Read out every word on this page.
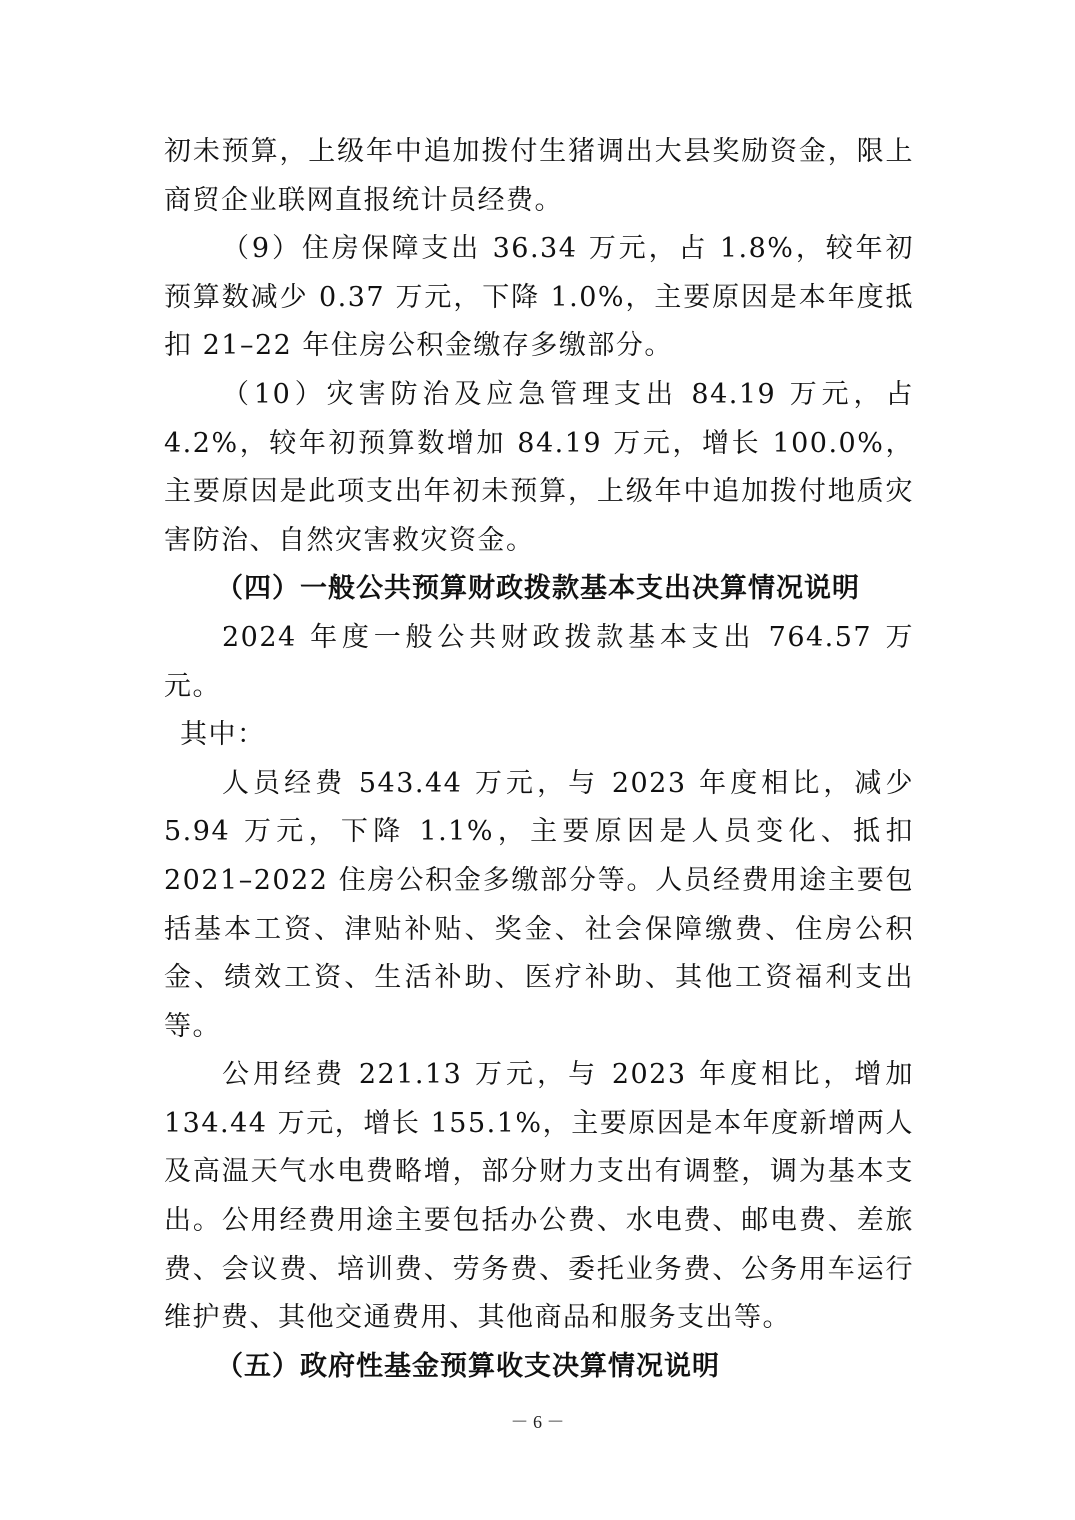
初未预算，上级年中追加拨付生猪调出大县奖励资金，限上商贸企业联网直报统计员经费。

（9）住房保障支出 36.34 万元，占 1.8%，较年初预算数减少 0.37 万元，下降 1.0%，主要原因是本年度抵扣 21–22 年住房公积金缴存多缴部分。

（10）灾害防治及应急管理支出 84.19 万元，占 4.2%，较年初预算数增加 84.19 万元，增长 100.0%，主要原因是此项支出年初未预算，上级年中追加拨付地质灾害防治、自然灾害救灾资金。

（四）一般公共预算财政拨款基本支出决算情况说明

2024 年度一般公共财政拨款基本支出 764.57 万元。

其中：

人员经费 543.44 万元，与 2023 年度相比，减少 5.94 万元，下降 1.1%，主要原因是人员变化、抵扣 2021–2022 住房公积金多缴部分等。人员经费用途主要包括基本工资、津贴补贴、奖金、社会保障缴费、住房公积金、绩效工资、生活补助、医疗补助、其他工资福利支出等。

公用经费 221.13 万元，与 2023 年度相比，增加 134.44 万元，增长 155.1%，主要原因是本年度新增两人及高温天气水电费略增，部分财力支出有调整，调为基本支出。公用经费用途主要包括办公费、水电费、邮电费、差旅费、会议费、培训费、劳务费、委托业务费、公务用车运行维护费、其他交通费用、其他商品和服务支出等。

（五）政府性基金预算收支决算情况说明

－ 6 －
